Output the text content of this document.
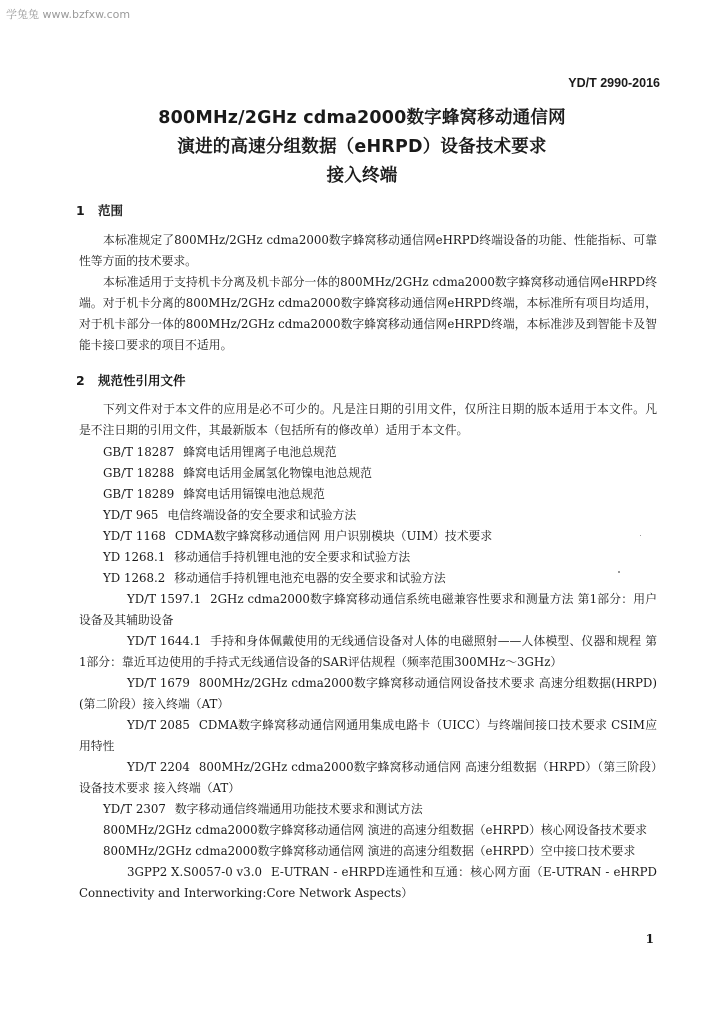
学兔兔 www.bzfxw.com
YD/T 2990-2016
800MHz/2GHz cdma2000数字蜂窝移动通信网
演进的高速分组数据（eHRPD）设备技术要求
接入终端
1 范围

本标准规定了800MHz/2GHz cdma2000数字蜂窝移动通信网eHRPD终端设备的功能、性能指标、可靠性等方面的技术要求。

本标准适用于支持机卡分离及机卡部分一体的800MHz/2GHz cdma2000数字蜂窝移动通信网eHRPD终端。对于机卡分离的800MHz/2GHz cdma2000数字蜂窝移动通信网eHRPD终端，本标准所有项目均适用，对于机卡部分一体的800MHz/2GHz cdma2000数字蜂窝移动通信网eHRPD终端，本标准涉及到智能卡及智能卡接口要求的项目不适用。

2 规范性引用文件

下列文件对于本文件的应用是必不可少的。凡是注日期的引用文件，仅所注日期的版本适用于本文件。凡是不注日期的引用文件，其最新版本（包括所有的修改单）适用于本文件。

GB/T 18287 蜂窝电话用锂离子电池总规范
GB/T 18288 蜂窝电话用金属氢化物镍电池总规范
GB/T 18289 蜂窝电话用镉镍电池总规范
YD/T 965 电信终端设备的安全要求和试验方法
YD/T 1168 CDMA数字蜂窝移动通信网 用户识别模块（UIM）技术要求
YD 1268.1 移动通信手持机锂电池的安全要求和试验方法
YD 1268.2 移动通信手持机锂电池充电器的安全要求和试验方法
YD/T 1597.1 2GHz cdma2000数字蜂窝移动通信系统电磁兼容性要求和测量方法 第1部分：用户设备及其辅助设备
YD/T 1644.1 手持和身体佩戴使用的无线通信设备对人体的电磁照射——人体模型、仪器和规程 第1部分：靠近耳边使用的手持式无线通信设备的SAR评估规程（频率范围300MHz～3GHz）
YD/T 1679 800MHz/2GHz cdma2000数字蜂窝移动通信网设备技术要求 高速分组数据(HRPD)(第二阶段）接入终端（AT）
YD/T 2085 CDMA数字蜂窝移动通信网通用集成电路卡（UICC）与终端间接口技术要求 CSIM应用特性
YD/T 2204 800MHz/2GHz cdma2000数字蜂窝移动通信网 高速分组数据（HRPD）（第三阶段）设备技术要求 接入终端（AT）
YD/T 2307 数字移动通信终端通用功能技术要求和测试方法
800MHz/2GHz cdma2000数字蜂窝移动通信网 演进的高速分组数据（eHRPD）核心网设备技术要求
800MHz/2GHz cdma2000数字蜂窝移动通信网 演进的高速分组数据（eHRPD）空中接口技术要求
3GPP2 X.S0057-0 v3.0 E-UTRAN - eHRPD连通性和互通：核心网方面（E-UTRAN - eHRPD Connectivity and Interworking:Core Network Aspects）
1
